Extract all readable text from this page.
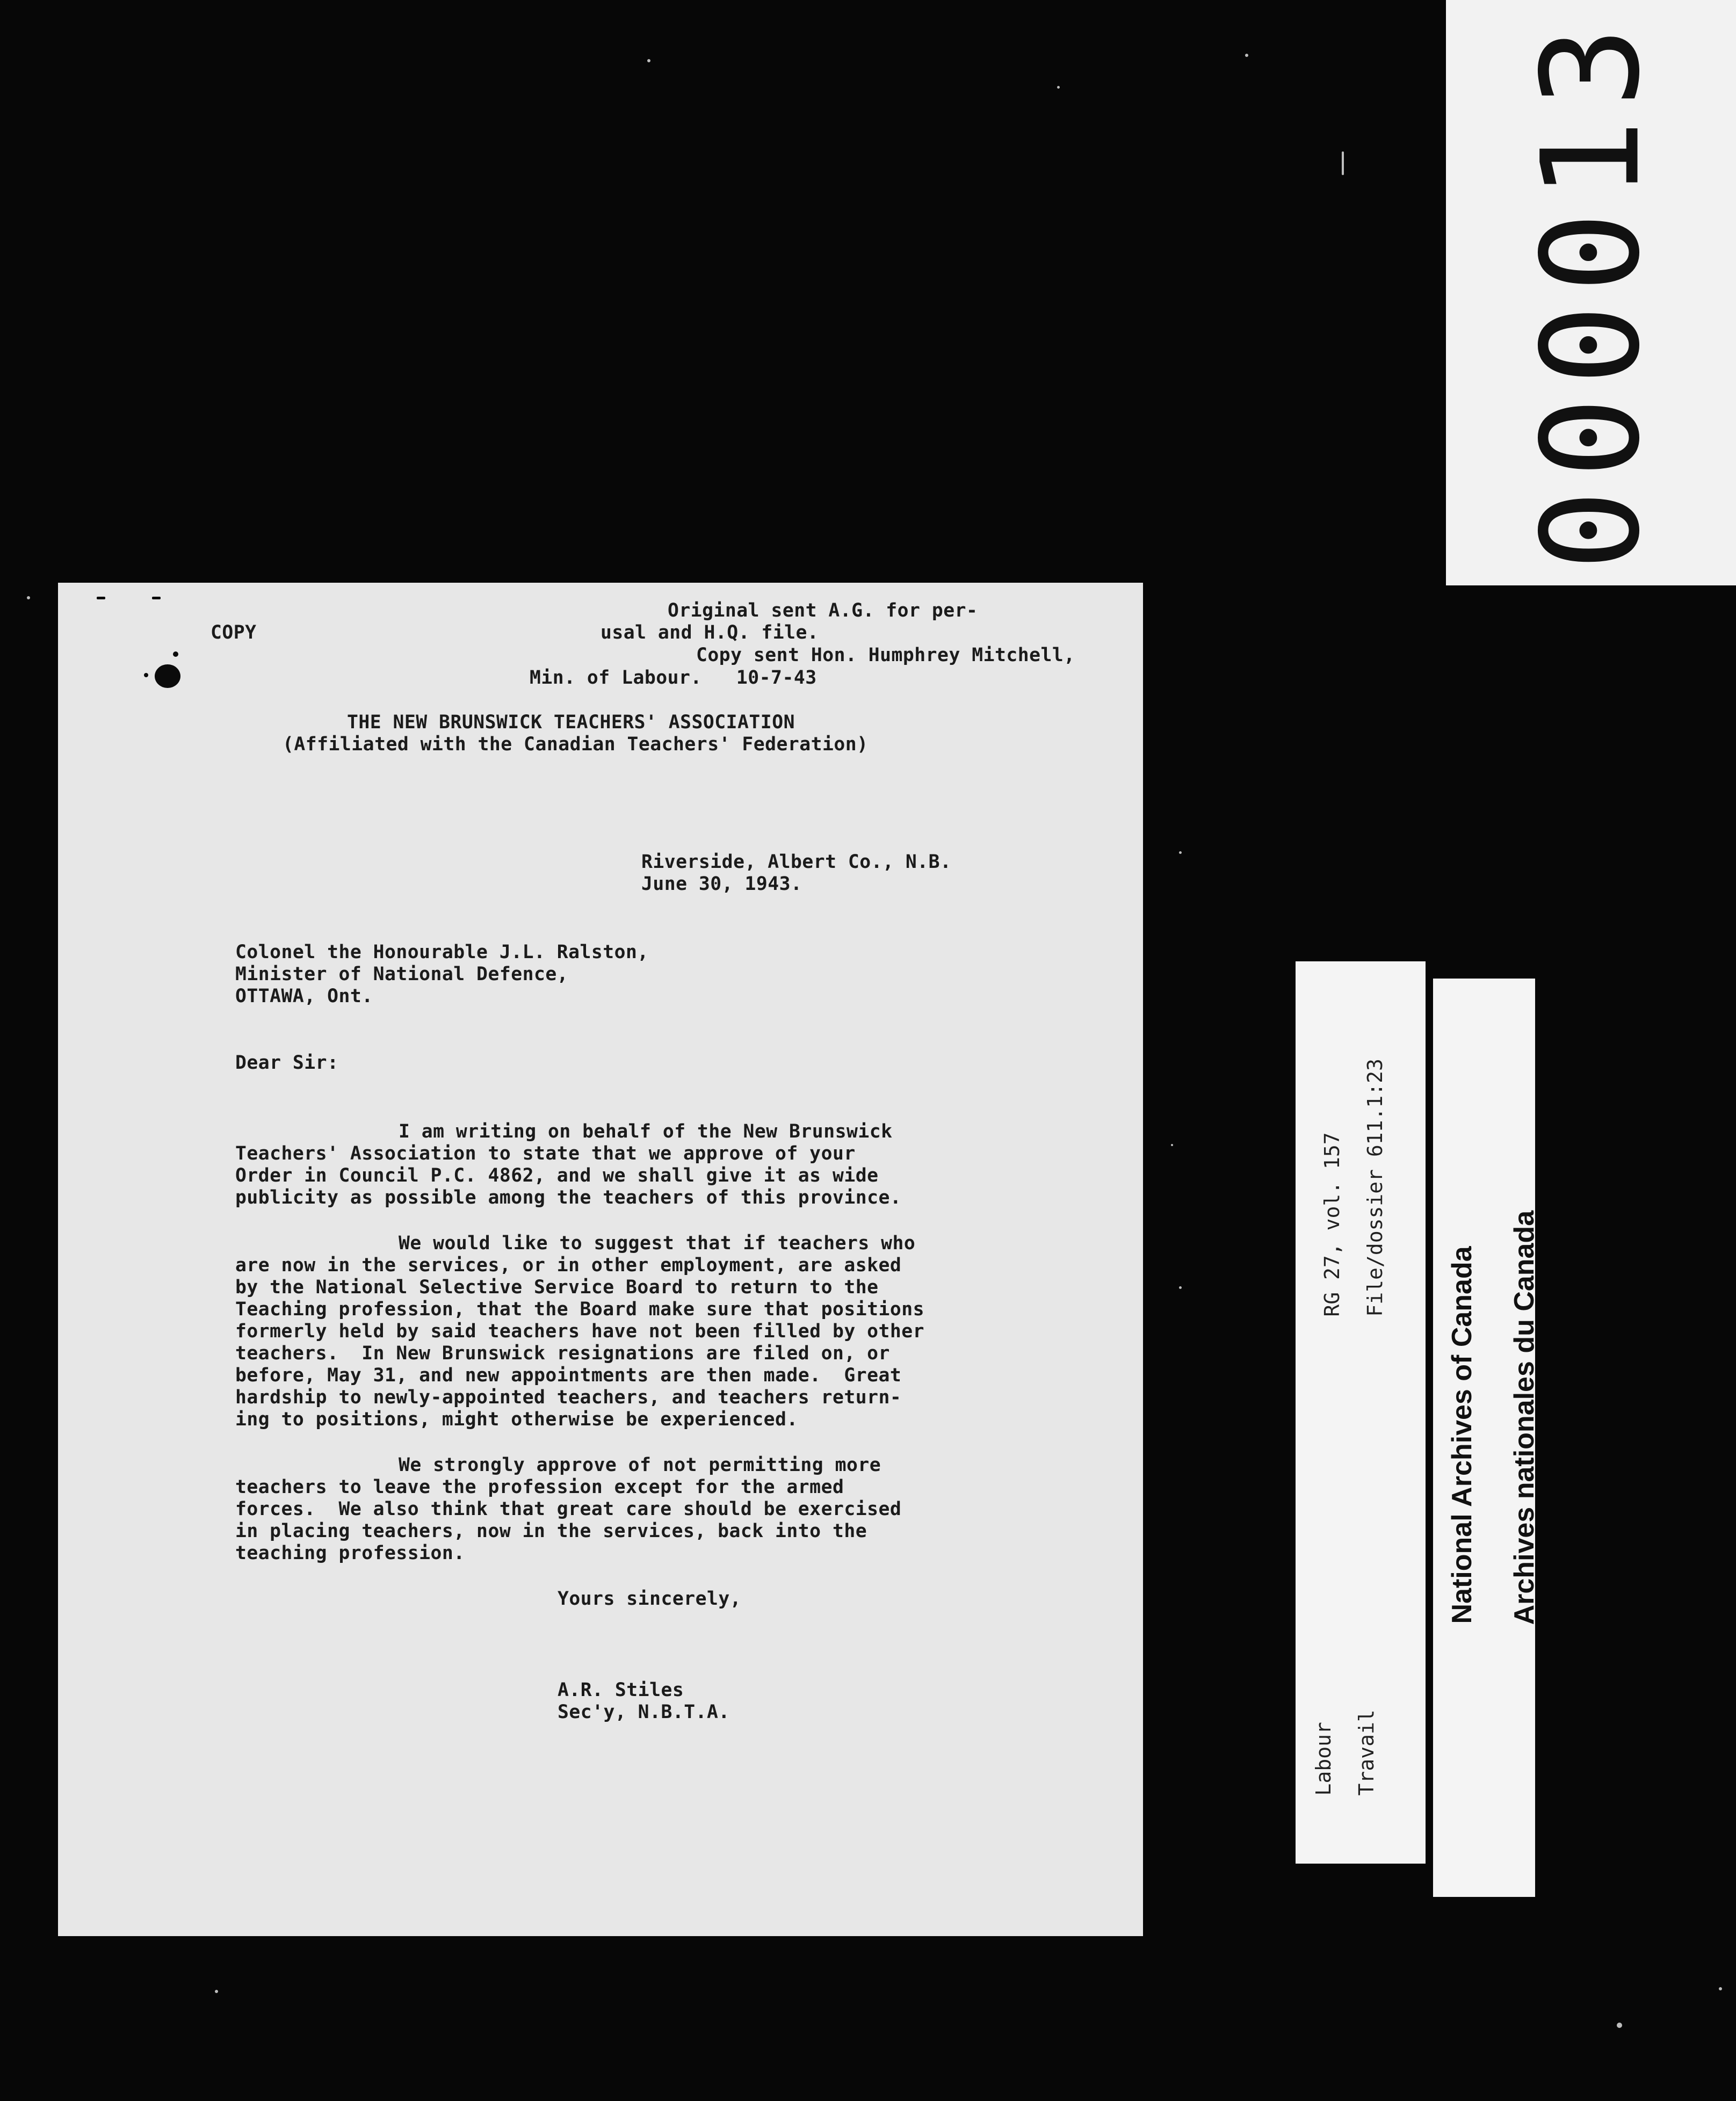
000013
COPY
Original sent A.G. for per-
usal and H.Q. file.
Copy sent Hon. Humphrey Mitchell,
Min. of Labour.   10-7-43
THE NEW BRUNSWICK TEACHERS' ASSOCIATION
(Affiliated with the Canadian Teachers' Federation)
Riverside, Albert Co., N.B.
June 30, 1943.
Colonel the Honourable J.L. Ralston,
Minister of National Defence,
OTTAWA, Ont.
Dear Sir:
I am writing on behalf of the New Brunswick
Teachers' Association to state that we approve of your
Order in Council P.C. 4862, and we shall give it as wide
publicity as possible among the teachers of this province.
We would like to suggest that if teachers who
are now in the services, or in other employment, are asked
by the National Selective Service Board to return to the
Teaching profession, that the Board make sure that positions
formerly held by said teachers have not been filled by other
teachers.  In New Brunswick resignations are filed on, or
before, May 31, and new appointments are then made.  Great
hardship to newly-appointed teachers, and teachers return-
ing to positions, might otherwise be experienced.
We strongly approve of not permitting more
teachers to leave the profession except for the armed
forces.  We also think that great care should be exercised
in placing teachers, now in the services, back into the
teaching profession.
Yours sincerely,
A.R. Stiles
Sec'y, N.B.T.A.

RG 27, vol. 157 File/dossier 611.1:23

Labour Travail

National Archives of Canada Archives nationales du Canada
